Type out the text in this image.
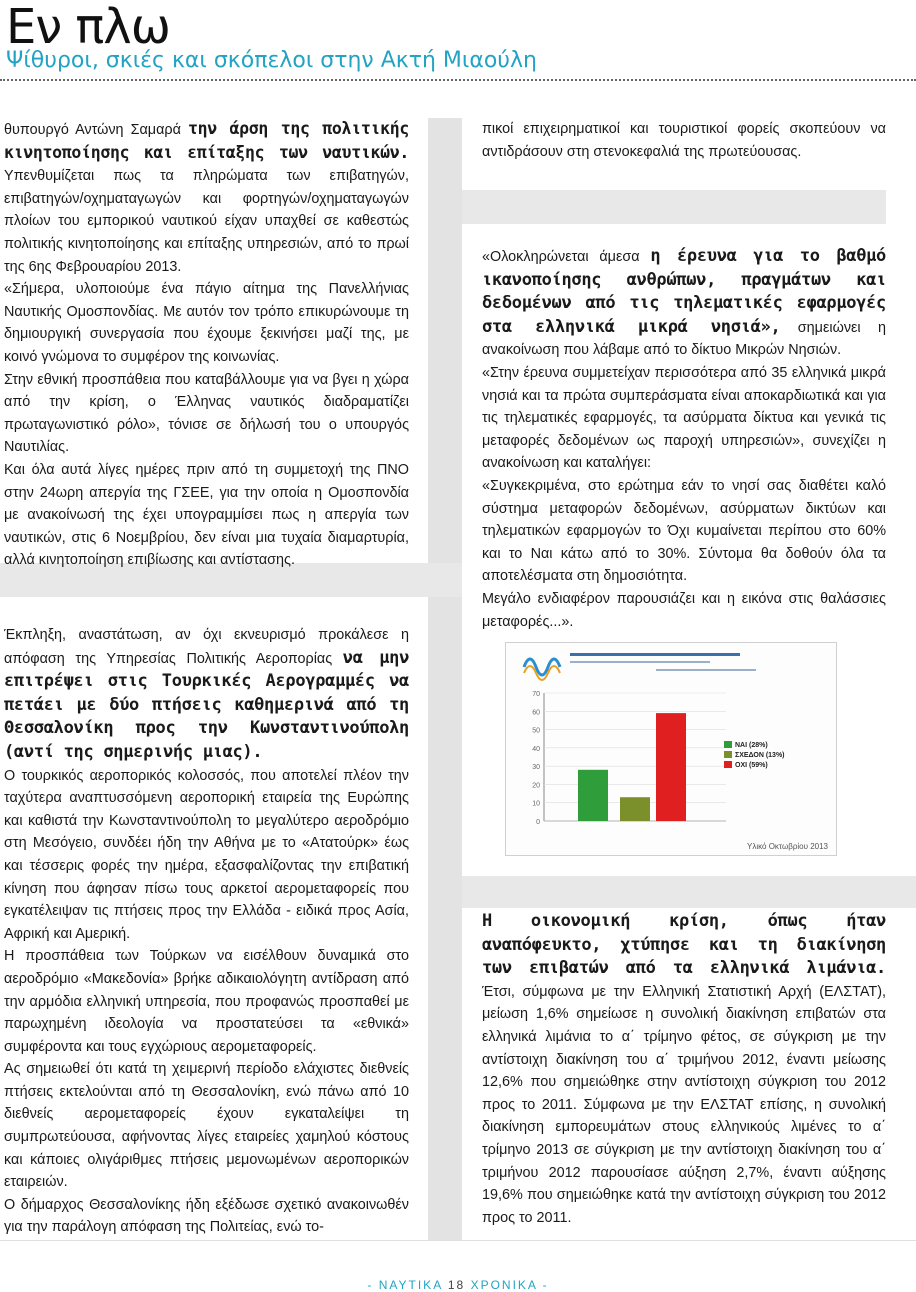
Εν πλω
Ψίθυροι, σκιές και σκόπελοι στην Ακτή Μιαούλη

θυπουργό Αντώνη Σαμαρά την άρση της πολιτικής κινητοποίησης και επίταξης των ναυτικών. Υπενθυμίζεται πως τα πληρώματα των επιβατηγών, επιβατηγών/οχηματαγωγών και φορτηγών/οχηματαγωγών πλοίων του εμπορικού ναυτικού είχαν υπαχθεί σε καθεστώς πολιτικής κινητοποίησης και επίταξης υπηρεσιών, από το πρωί της 6ης Φεβρουαρίου 2013.

«Σήμερα, υλοποιούμε ένα πάγιο αίτημα της Πανελλήνιας Ναυτικής Ομοσπονδίας. Με αυτόν τον τρόπο επικυρώνουμε τη δημιουργική συνεργασία που έχουμε ξεκινήσει μαζί της, με κοινό γνώμονα το συμφέρον της κοινωνίας.

Στην εθνική προσπάθεια που καταβάλλουμε για να βγει η χώρα από την κρίση, ο Έλληνας ναυτικός διαδραματίζει πρωταγωνιστικό ρόλο», τόνισε σε δήλωσή του ο υπουργός Ναυτιλίας.

Και όλα αυτά λίγες ημέρες πριν από τη συμμετοχή της ΠΝΟ στην 24ωρη απεργία της ΓΣΕΕ, για την οποία η Ομοσπονδία με ανακοίνωσή της έχει υπογραμμίσει πως η απεργία των ναυτικών, στις 6 Νοεμβρίου, δεν είναι μια τυχαία διαμαρτυρία, αλλά κινητοποίηση επιβίωσης και αντίστασης.

Έκπληξη, αναστάτωση, αν όχι εκνευρισμό προκάλεσε η απόφαση της Υπηρεσίας Πολιτικής Αεροπορίας να μην επιτρέψει στις Τουρκικές Αερογραμμές να πετάει με δύο πτήσεις καθημερινά από τη Θεσσαλονίκη προς την Κωνσταντινούπολη (αντί της σημερινής μιας).

Ο τουρκικός αεροπορικός κολοσσός, που αποτελεί πλέον την ταχύτερα αναπτυσσόμενη αεροπορική εταιρεία της Ευρώπης και καθιστά την Κωνσταντινούπολη το μεγαλύτερο αεροδρόμιο στη Μεσόγειο, συνδέει ήδη την Αθήνα με το «Ατατούρκ» έως και τέσσερις φορές την ημέρα, εξασφαλίζοντας την επιβατική κίνηση που άφησαν πίσω τους αρκετοί αερομεταφορείς που εγκατέλειψαν τις πτήσεις προς την Ελλάδα - ειδικά προς Ασία, Αφρική και Αμερική.

Η προσπάθεια των Τούρκων να εισέλθουν δυναμικά στο αεροδρόμιο «Μακεδονία» βρήκε αδικαιολόγητη αντίδραση από την αρμόδια ελληνική υπηρεσία, που προφανώς προσπαθεί με παρωχημένη ιδεολογία να προστατεύσει τα «εθνικά» συμφέροντα και τους εγχώριους αερομεταφορείς.

Ας σημειωθεί ότι κατά τη χειμερινή περίοδο ελάχιστες διεθνείς πτήσεις εκτελούνται από τη Θεσσαλονίκη, ενώ πάνω από 10 διεθνείς αερομεταφορείς έχουν εγκαταλείψει τη συμπρωτεύουσα, αφήνοντας λίγες εταιρείες χαμηλού κόστους και κάποιες ολιγάριθμες πτήσεις μεμονωμένων αεροπορικών εταιρειών.

Ο δήμαρχος Θεσσαλονίκης ήδη εξέδωσε σχετικό ανακοινωθέν για την παράλογη απόφαση της Πολιτείας, ενώ το-

πικοί επιχειρηματικοί και τουριστικοί φορείς σκοπεύουν να αντιδράσουν στη στενοκεφαλιά της πρωτεύουσας.

«Ολοκληρώνεται άμεσα η έρευνα για το βαθμό ικανοποίησης ανθρώπων, πραγμάτων και δεδομένων από τις τηλεματικές εφαρμογές στα ελληνικά μικρά νησιά», σημειώνει η ανακοίνωση που λάβαμε από το δίκτυο Μικρών Νησιών.

«Στην έρευνα συμμετείχαν περισσότερα από 35 ελληνικά μικρά νησιά και τα πρώτα συμπεράσματα είναι αποκαρδιωτικά και για τις τηλεματικές εφαρμογές, τα ασύρματα δίκτυα και γενικά τις μεταφορές δεδομένων ως παροχή υπηρεσιών», συνεχίζει η ανακοίνωση και καταλήγει:

«Συγκεκριμένα, στο ερώτημα εάν το νησί σας διαθέτει καλό σύστημα μεταφορών δεδομένων, ασύρματων δικτύων και τηλεματικών εφαρμογών το Όχι κυμαίνεται περίπου στο 60% και το Ναι κάτω από το 30%. Σύντομα θα δοθούν όλα τα αποτελέσματα στη δημοσιότητα.

Μεγάλο ενδιαφέρον παρουσιάζει και η εικόνα στις θαλάσσιες μεταφορές...».

0
10
20
30
40
50
60
70
ΝΑΙ (28%)
ΣΧΕΔΟΝ (13%)
ΟΧΙ (59%)
Υλικό Οκτωβρίου 2013

Η οικονομική κρίση, όπως ήταν αναπόφευκτο, χτύπησε και τη διακίνηση των επιβατών από τα ελληνικά λιμάνια. Έτσι, σύμφωνα με την Ελληνική Στατιστική Αρχή (ΕΛΣΤΑΤ), μείωση 1,6% σημείωσε η συνολική διακίνηση επιβατών στα ελληνικά λιμάνια το α΄ τρίμηνο φέτος, σε σύγκριση με την αντίστοιχη διακίνηση του α΄ τριμήνου 2012, έναντι μείωσης 12,6% που σημειώθηκε στην αντίστοιχη σύγκριση του 2012 προς το 2011. Σύμφωνα με την ΕΛΣΤΑΤ επίσης, η συνολική διακίνηση εμπορευμάτων στους ελληνικούς λιμένες το α΄ τρίμηνο 2013 σε σύγκριση με την αντίστοιχη διακίνηση του α΄ τριμήνου 2012 παρουσίασε αύξηση 2,7%, έναντι αύξησης 19,6% που σημειώθηκε κατά την αντίστοιχη σύγκριση του 2012 προς το 2011.

- ΝΑΥΤΙΚΑ 18 ΧΡΟΝΙΚΑ -
